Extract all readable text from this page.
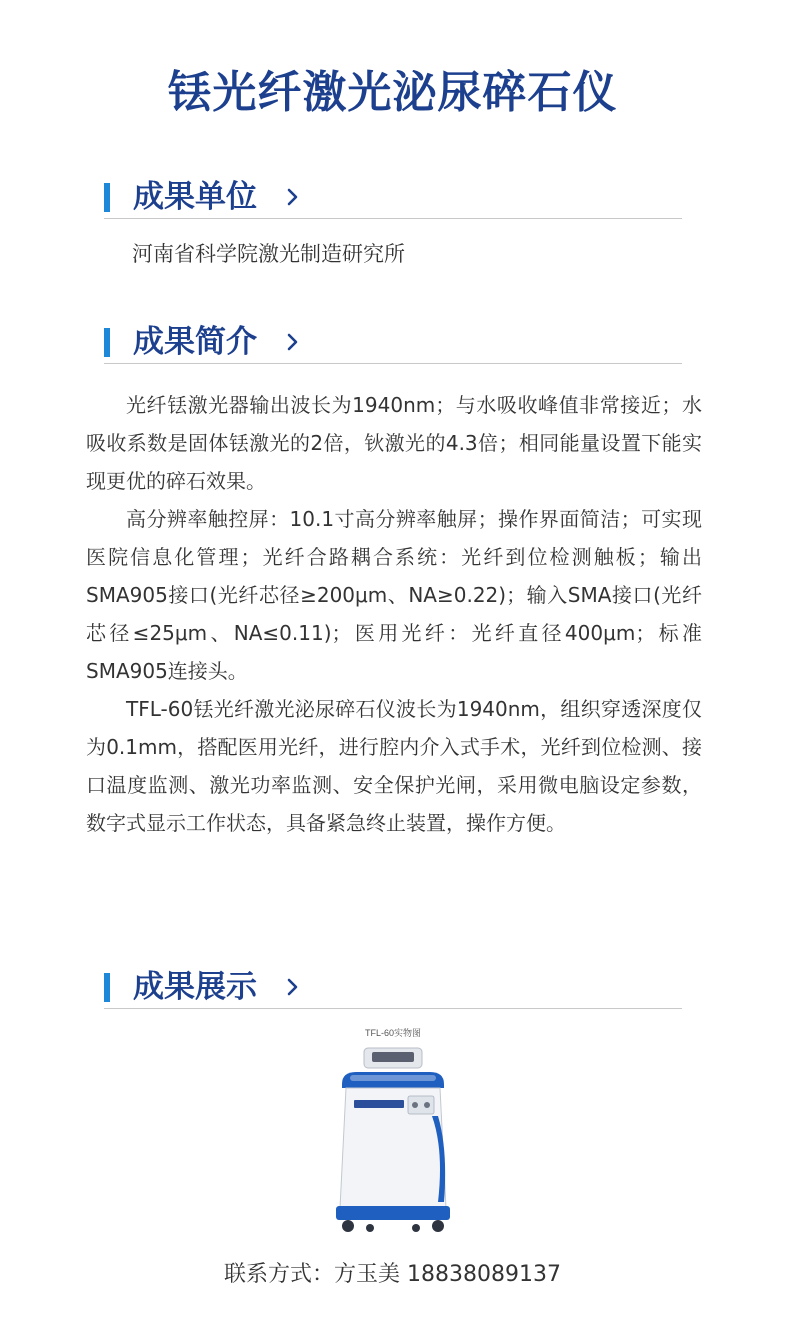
铥光纤激光泌尿碎石仪
成果单位
河南省科学院激光制造研究所
成果简介

光纤铥激光器输出波长为1940nm；与水吸收峰值非常接近；水吸收系数是固体铥激光的2倍，钬激光的4.3倍；相同能量设置下能实现更优的碎石效果。

高分辨率触控屏：10.1寸高分辨率触屏；操作界面简洁；可实现医院信息化管理；光纤合路耦合系统：光纤到位检测触板；输出SMA905接口(光纤芯径≥200μm、NA≥0.22)；输入SMA接口(光纤芯径≤25μm、NA≤0.11)；医用光纤：光纤直径400μm；标准SMA905连接头。

TFL-60铥光纤激光泌尿碎石仪波长为1940nm，组织穿透深度仅为0.1mm，搭配医用光纤，进行腔内介入式手术，光纤到位检测、接口温度监测、激光功率监测、安全保护光闸，采用微电脑设定参数，数字式显示工作状态，具备紧急终止装置，操作方便。

成果展示
TFL-60实物图
联系方式：方玉美 18838089137
